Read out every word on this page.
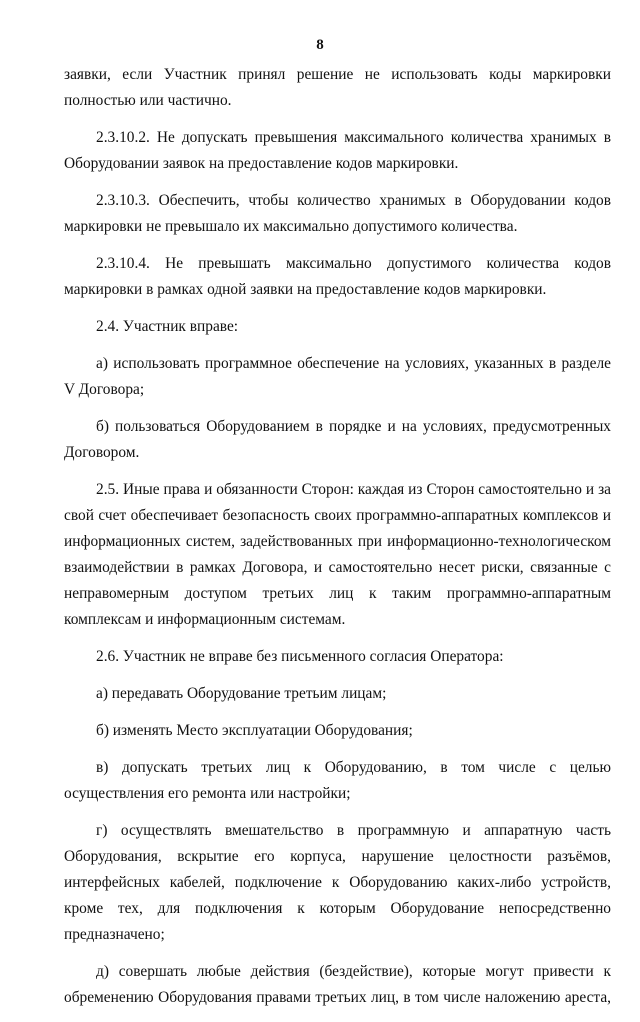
8

заявки, если Участник принял решение не использовать коды маркировки полностью или частично.

2.3.10.2. Не допускать превышения максимального количества хранимых в Оборудовании заявок на предоставление кодов маркировки.

2.3.10.3. Обеспечить, чтобы количество хранимых в Оборудовании кодов маркировки не превышало их максимально допустимого количества.

2.3.10.4. Не превышать максимально допустимого количества кодов маркировки в рамках одной заявки на предоставление кодов маркировки.

2.4. Участник вправе:

а) использовать программное обеспечение на условиях, указанных в разделе V Договора;

б) пользоваться Оборудованием в порядке и на условиях, предусмотренных Договором.

2.5. Иные права и обязанности Сторон: каждая из Сторон самостоятельно и за свой счет обеспечивает безопасность своих программно-аппаратных комплексов и информационных систем, задействованных при информационно-технологическом взаимодействии в рамках Договора, и самостоятельно несет риски, связанные с неправомерным доступом третьих лиц к таким программно-аппаратным комплексам и информационным системам.

2.6. Участник не вправе без письменного согласия Оператора:

а) передавать Оборудование третьим лицам;

б) изменять Место эксплуатации Оборудования;

в) допускать третьих лиц к Оборудованию, в том числе с целью осуществления его ремонта или настройки;

г) осуществлять вмешательство в программную и аппаратную часть Оборудования, вскрытие его корпуса, нарушение целостности разъёмов, интерфейсных кабелей, подключение к Оборудованию каких-либо устройств, кроме тех, для подключения к которым Оборудование непосредственно предназначено;

д) совершать любые действия (бездействие), которые могут привести к обременению Оборудования правами третьих лиц, в том числе наложению ареста,
